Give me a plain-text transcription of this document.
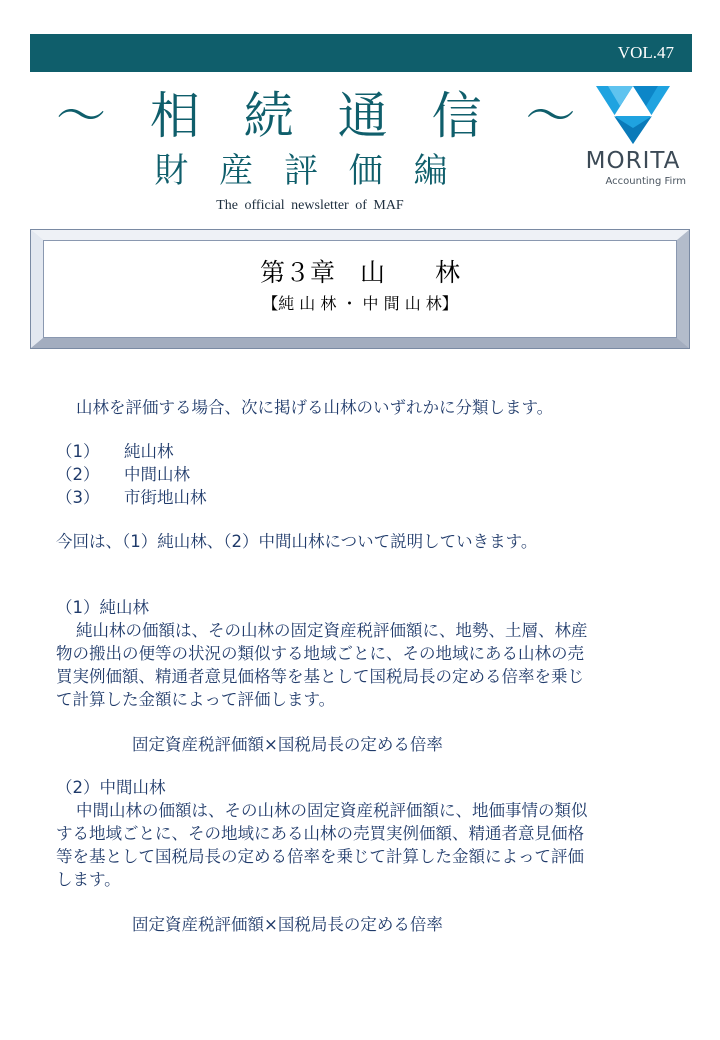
VOL.47
～ 相 続 通 信 ～
財 産 評 価 編
The official newsletter of MAF
MORITA
Accounting Firm
第３章　山　　林
【純 山 林 ・ 中 間 山 林】
山林を評価する場合、次に掲げる山林のいずれかに分類します。
（1）	純山林
（2）	中間山林
（3）	市街地山林
今回は、（1）純山林、（2）中間山林について説明していきます。
（1）純山林
純山林の価額は、その山林の固定資産税評価額に、地勢、土層、林産
物の搬出の便等の状況の類似する地域ごとに、その地域にある山林の売
買実例価額、精通者意見価格等を基として国税局長の定める倍率を乗じ
て計算した金額によって評価します。
固定資産税評価額×国税局長の定める倍率
（2）中間山林
中間山林の価額は、その山林の固定資産税評価額に、地価事情の類似
する地域ごとに、その地域にある山林の売買実例価額、精通者意見価格
等を基として国税局長の定める倍率を乗じて計算した金額によって評価
します。
固定資産税評価額×国税局長の定める倍率
